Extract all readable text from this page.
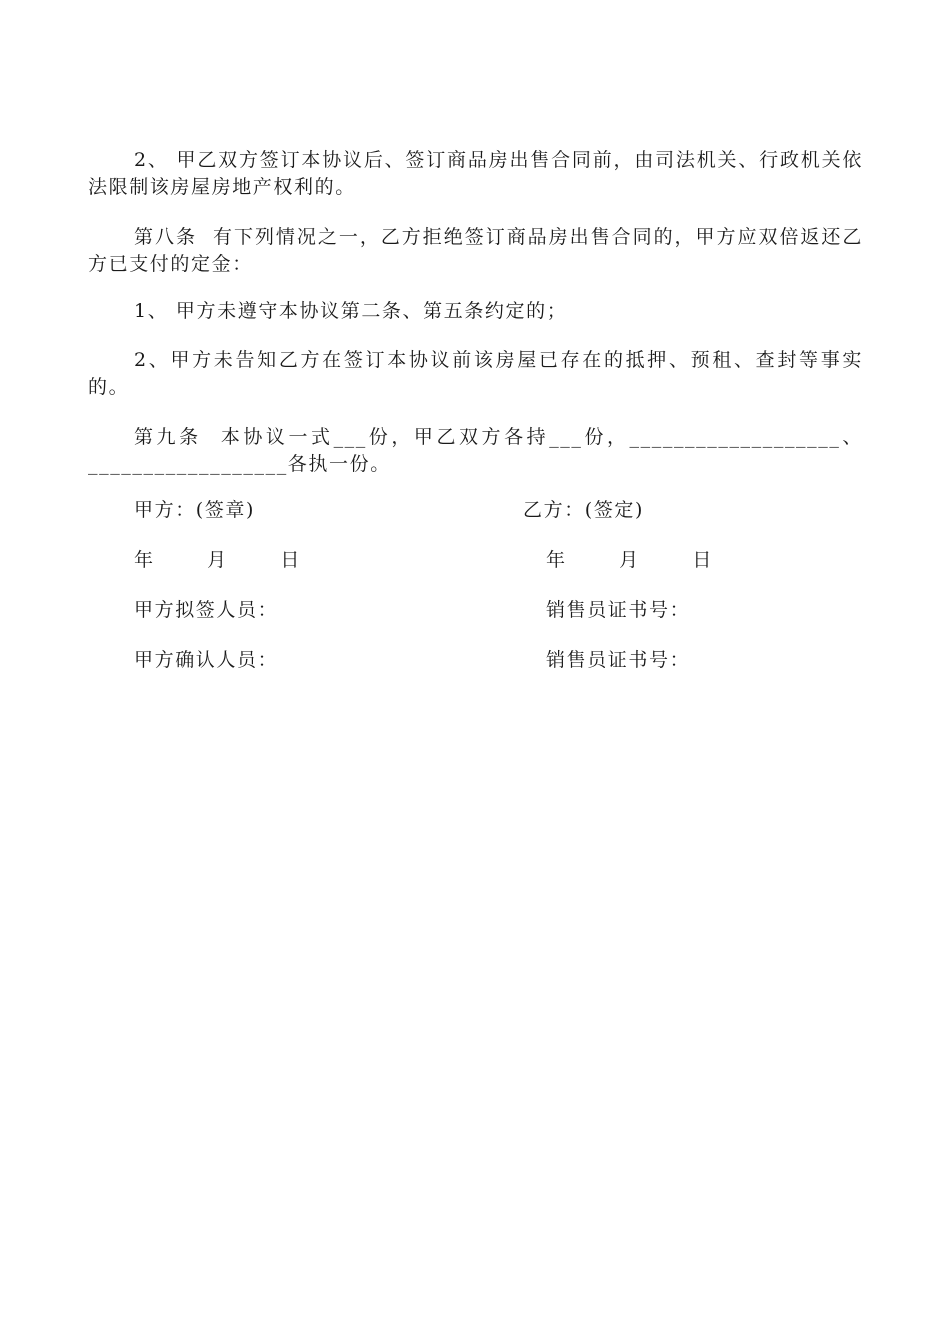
2、 甲乙双方签订本协议后、签订商品房出售合同前，由司法机关、行政机关依法限制该房屋房地产权利的。

第八条  有下列情况之一，乙方拒绝签订商品房出售合同的，甲方应双倍返还乙方已支付的定金：

1、 甲方未遵守本协议第二条、第五条约定的；

2、甲方未告知乙方在签订本协议前该房屋已存在的抵押、预租、查封等事实的。

第九条  本协议一式___份，甲乙双方各持___份，___________________、__________________各执一份。

甲方：(签章)	乙方：(签定)
年    月    日	年    月    日
甲方拟签人员：	销售员证书号：
甲方确认人员：	销售员证书号：
